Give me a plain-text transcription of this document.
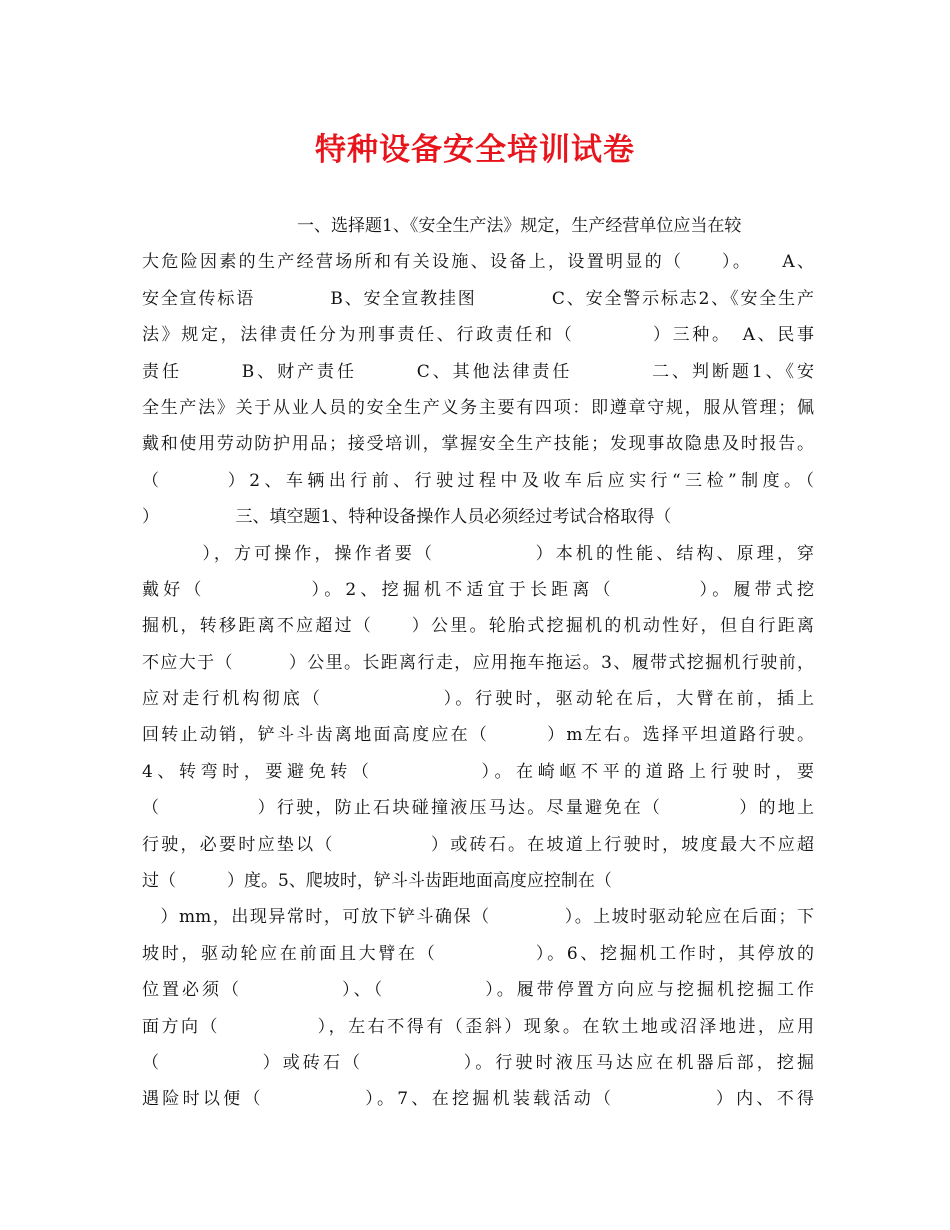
特种设备安全培训试卷
一、选择题1、《安全生产法》规定，生产经营单位应当在较
大危险因素的生产经营场所和有关设施、设备上，设置明显的（　　）。　　A、
安全宣传标语　　　　B、安全宣教挂图　　　　C、安全警示标志2、《安全生产
法》规定，法律责任分为刑事责任、行政责任和（　　　　）三种。　A、民事
责任　　　B、财产责任　　　C、其他法律责任　　　　二、判断题1、《安
全生产法》关于从业人员的安全生产义务主要有四项：即遵章守规，服从管理；佩
戴和使用劳动防护用品；接受培训，掌握安全生产技能；发现事故隐患及时报告。
（　　　）2、车辆出行前、行驶过程中及收车后应实行“三检”制度。（
）　　　　　三、填空题1、特种设备操作人员必须经过考试合格取得（
　　　），方可操作，操作者要（　　　　　）本机的性能、结构、原理，穿
戴好（　　　　　）。2、挖掘机不适宜于长距离（　　　　）。履带式挖
掘机，转移距离不应超过（　　）公里。轮胎式挖掘机的机动性好，但自行距离
不应大于（　　　）公里。长距离行走，应用拖车拖运。3、履带式挖掘机行驶前，
应对走行机构彻底（　　　　　　）。行驶时，驱动轮在后，大臂在前，插上
回转止动销，铲斗斗齿离地面高度应在（　　　）m左右。选择平坦道路行驶。
4、转弯时，要避免转（　　　　　）。在崎岖不平的道路上行驶时，要
（　　　　　）行驶，防止石块碰撞液压马达。尽量避免在（　　　　）的地上
行驶，必要时应垫以（　　　　　）或砖石。在坡道上行驶时，坡度最大不应超
过（　　　）度。5、爬坡时，铲斗斗齿距地面高度应控制在（
　）mm，出现异常时，可放下铲斗确保（　　　　）。上坡时驱动轮应在后面；下
坡时，驱动轮应在前面且大臂在（　　　　　）。6、挖掘机工作时，其停放的
位置必须（　　　　　）、（　　　　　）。履带停置方向应与挖掘机挖掘工作
面方向（　　　　　），左右不得有（歪斜）现象。在软土地或沼泽地进，应用
（　　　　　）或砖石（　　　　　）。行驶时液压马达应在机器后部，挖掘
遇险时以便（　　　　　）。7、在挖掘机装载活动（　　　　　）内、不得
